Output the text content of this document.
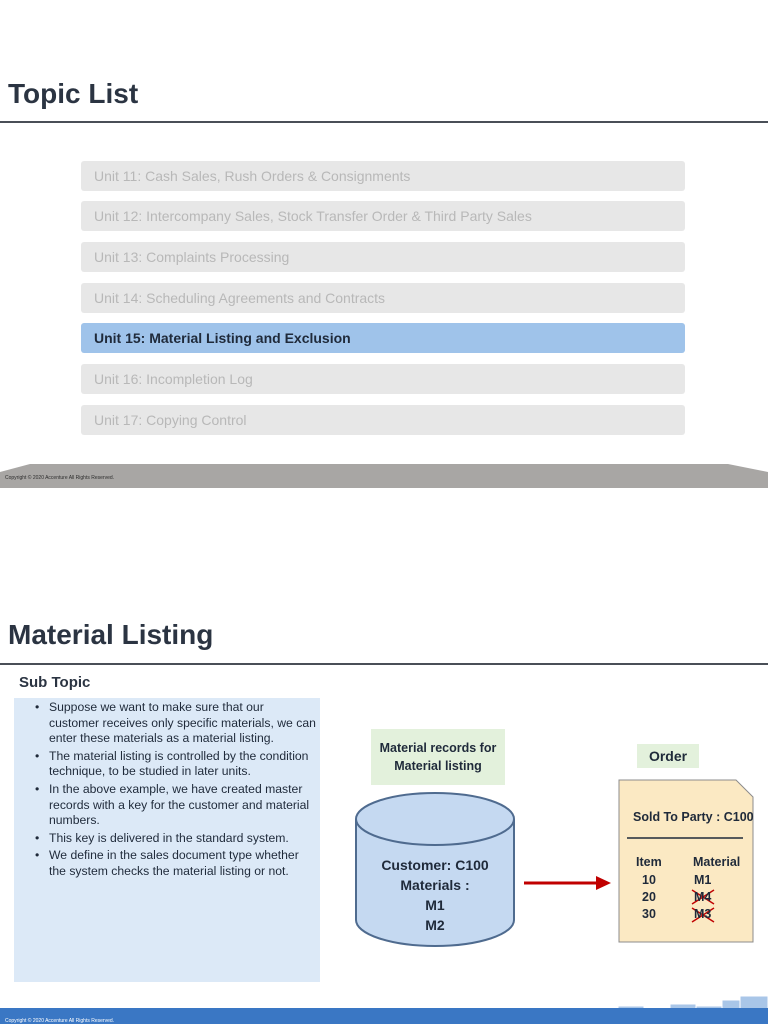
Topic List
Unit 11: Cash Sales, Rush Orders & Consignments
Unit 12: Intercompany Sales, Stock Transfer Order & Third Party Sales
Unit 13: Complaints Processing
Unit 14: Scheduling Agreements and Contracts
Unit 15: Material Listing and Exclusion
Unit 16: Incompletion Log
Unit 17: Copying Control
Copyright © 2020 Accenture All Rights Reserved.
Material Listing
Sub Topic
• Suppose we want to make sure that our customer receives only specific materials, we can enter these materials as a material listing.
• The material listing is controlled by the condition technique, to be studied in later units.
• In the above example, we have created master records with a key for the customer and material numbers.
• This key is delivered in the standard system.
• We define in the sales document type whether the system checks the material listing or not.
Material records for
Material listing
Order
Customer: C100
Materials :
M1
M2
Sold To Party : C100
Item	Material
10	M1
20	M4
30	M3
Copyright © 2020 Accenture All Rights Reserved.
